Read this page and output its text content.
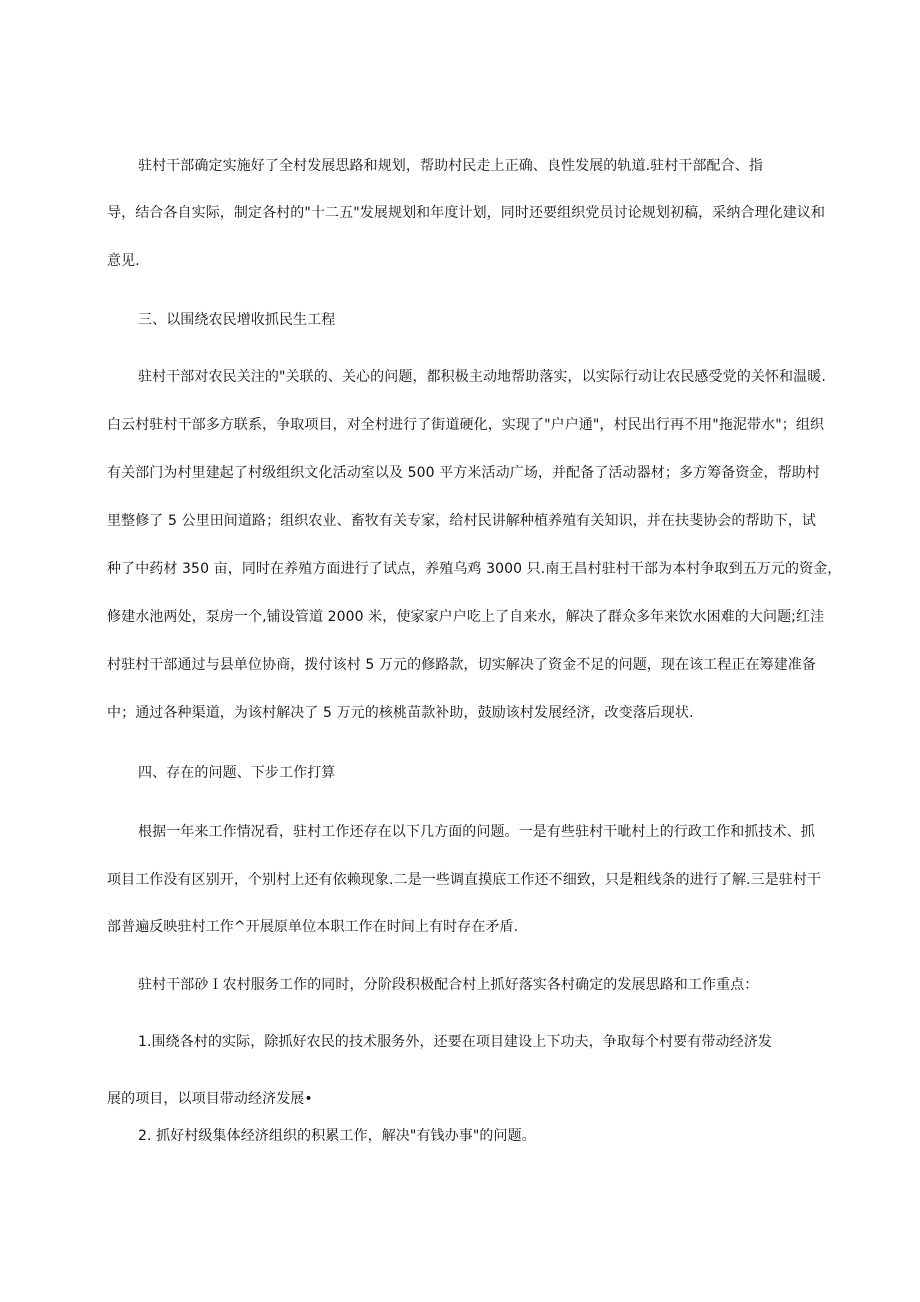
驻村干部确定实施好了全村发展思路和规划，帮助村民走上正确、良性发展的轨道.驻村干部配合、指
导，结合各自实际，制定各村的"十二五"发展规划和年度计划，同时还要组织党员讨论规划初稿，采纳合理化建议和
意见.
三、以围绕农民增收抓民生工程
驻村干部对农民关注的"关联的、关心的问题，都积极主动地帮助落实，以实际行动让农民感受党的关怀和温暖.
白云村驻村干部多方联系，争取项目，对全村进行了街道硬化，实现了"户户通"，村民出行再不用"拖泥带水"；组织
有关部门为村里建起了村级组织文化活动室以及 500 平方米活动广场，并配备了活动器材；多方筹备资金，帮助村
里整修了 5 公里田间道路；组织农业、畜牧有关专家，给村民讲解种植养殖有关知识，并在扶斐协会的帮助下，试
种了中药材 350 亩，同时在养殖方面进行了试点，养殖乌鸡 3000 只.南王昌村驻村干部为本村争取到五万元的资金，
修建水池两处，泵房一个,铺设管道 2000 米，使家家户户吃上了自来水，解决了群众多年来饮水困难的大问题;红洼
村驻村干部通过与县单位协商，拨付该村 5 万元的修路款，切实解决了资金不足的问题，现在该工程正在筹建准备
中；通过各种渠道，为该村解决了 5 万元的核桃苗款补助，鼓励该村发展经济，改变落后现状.
四、存在的问题、下步工作打算
根据一年来工作情况看，驻村工作还存在以下几方面的问题。一是有些驻村干呲村上的行政工作和抓技术、抓
项目工作没有区别开，个别村上还有依赖现象.二是一些调直摸底工作还不细致，只是粗线条的进行了解.三是驻村干
部普遍反映驻村工作^开展原单位本职工作在时间上有时存在矛盾.
驻村干部砂Ｉ农村服务工作的同时，分阶段积极配合村上抓好落实各村确定的发展思路和工作重点：
1.围绕各村的实际，除抓好农民的技术服务外，还要在项目建设上下功夫，争取每个村要有带动经济发
展的项目，以项目带动经济发展•
2. 抓好村级集体经济组织的积累工作，解决"有钱办事"的问题。
